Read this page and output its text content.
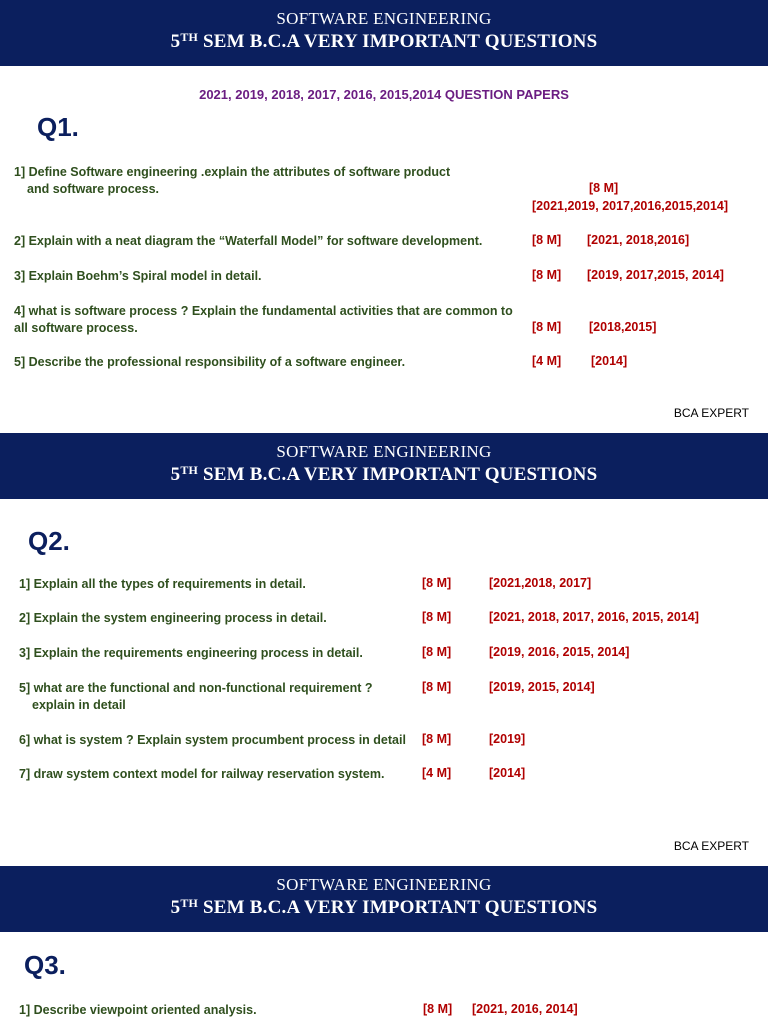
SOFTWARE ENGINEERING
5TH SEM B.C.A VERY IMPORTANT QUESTIONS
2021, 2019, 2018, 2017, 2016, 2015,2014 QUESTION PAPERS
Q1.
1] Define Software engineering .explain the attributes of software product
and software process.	[8 M]
[2021,2019, 2017,2016,2015,2014]
2] Explain with a neat diagram the “Waterfall Model” for software development.	[8 M] [2021, 2018,2016]
3] Explain Boehm’s Spiral model in detail.	[8 M] [2019, 2017,2015, 2014]
4] what is software process ? Explain the fundamental activities that are common to
all software process.	[8 M] [2018,2015]
5] Describe the professional responsibility of a software engineer.	[4 M] [2014]
BCA EXPERT
SOFTWARE ENGINEERING
5TH SEM B.C.A VERY IMPORTANT QUESTIONS
Q2.
1] Explain all the types of requirements in detail.	[8 M]	[2021,2018, 2017]
2] Explain the system engineering process in detail.	[8 M]	[2021, 2018, 2017, 2016, 2015, 2014]
3] Explain the requirements engineering process in detail.	[8 M]	[2019, 2016, 2015, 2014]
5] what are the functional and non-functional requirement ?
explain in detail
[8 M]	[2019, 2015, 2014]
6] what is system ? Explain system procumbent process in detail [8 M]	[2019]
7] draw system context model for railway reservation system.	[4 M]	[2014]
BCA EXPERT
SOFTWARE ENGINEERING
5TH SEM B.C.A VERY IMPORTANT QUESTIONS
Q3.
1] Describe viewpoint oriented analysis.	[8 M] [2021, 2016, 2014]
